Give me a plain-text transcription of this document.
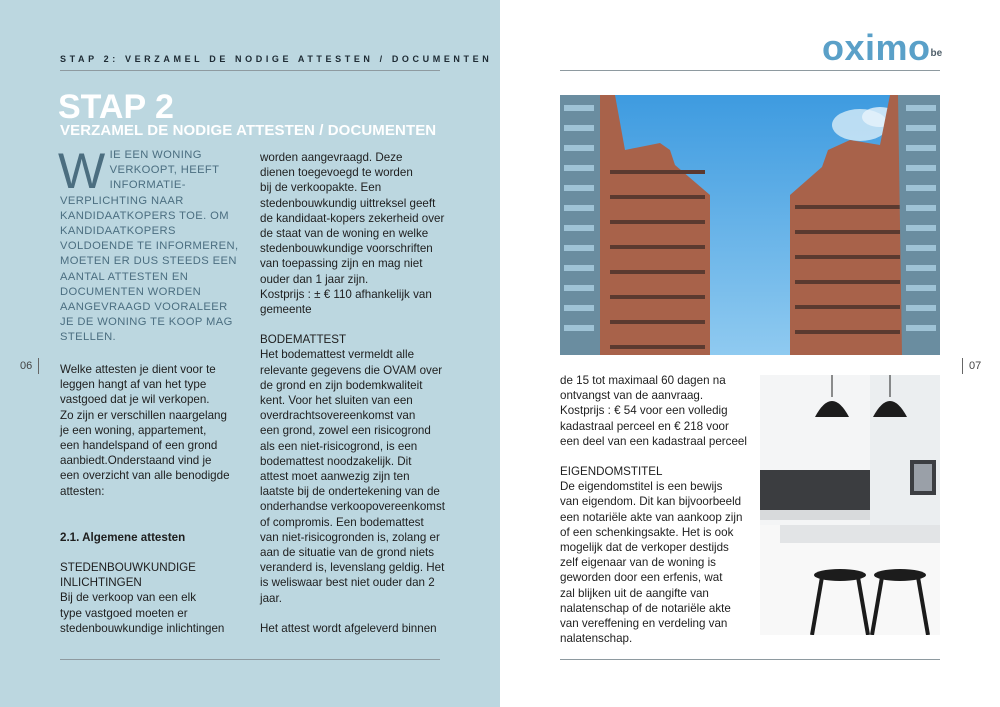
STAP 2: VERZAMEL DE NODIGE ATTESTEN / DOCUMENTEN
STAP 2
VERZAMEL DE NODIGE ATTESTEN / DOCUMENTEN
WIE EEN WONING VERKOOPT, HEEFT INFORMATIE-VERPLICHTING NAAR KANDIDAATKOPERS TOE. OM KANDIDAATKOPERS VOLDOENDE TE INFORMEREN, MOETEN ER DUS STEEDS EEN AANTAL ATTESTEN EN DOCUMENTEN WORDEN AANGEVRAAGD VOORALEER JE DE WONING TE KOOP MAG STELLEN.

Welke attesten je dient voor te
leggen hangt af van het type
vastgoed dat je wil verkopen.
Zo zijn er verschillen naargelang
je een woning, appartement,
een handelspand of een grond
aanbiedt.Onderstaand vind je
een overzicht van alle benodigde
attesten:

2.1. Algemene attesten

STEDENBOUWKUNDIGE
INLICHTINGEN

Bij de verkoop van een elk
type vastgoed moeten er
stedenbouwkundige inlichtingen

worden aangevraagd. Deze
dienen toegevoegd te worden
bij de verkoopakte. Een
stedenbouwkundig uittreksel geeft
de kandidaat-kopers zekerheid over
de staat van de woning en welke
stedenbouwkundige voorschriften
van toepassing zijn en mag niet
ouder dan 1 jaar zijn.
Kostprijs : ± € 110 afhankelijk van
gemeente

BODEMATTEST

Het bodemattest vermeldt alle
relevante gegevens die OVAM over
de grond en zijn bodemkwaliteit
kent. Voor het sluiten van een
overdrachtsovereenkomst van
een grond, zowel een risicogrond
als een niet-risicogrond, is een
bodemattest noodzakelijk. Dit
attest moet aanwezig zijn ten
laatste bij de ondertekening van de
onderhandse verkoopovereenkomst
of compromis. Een bodemattest
van niet-risicogronden is, zolang er
aan de situatie van de grond niets
veranderd is, levenslang geldig. Het
is weliswaar best niet ouder dan 2
jaar.

Het attest wordt afgeleverd binnen

06
oximo$^{be}$

de 15 tot maximaal 60 dagen na
ontvangst van de aanvraag.
Kostprijs : € 54 voor een volledig
kadastraal perceel en € 218 voor
een deel van een kadastraal perceel

EIGENDOMSTITEL

De eigendomstitel is een bewijs
van eigendom. Dit kan bijvoorbeeld
een notariële akte van aankoop zijn
of een schenkingsakte. Het is ook
mogelijk dat de verkoper destijds
zelf eigenaar van de woning is
geworden door een erfenis, wat
zal blijken uit de aangifte van
nalatenschap of de notariële akte
van vereffening en verdeling van
nalatenschap.

07
